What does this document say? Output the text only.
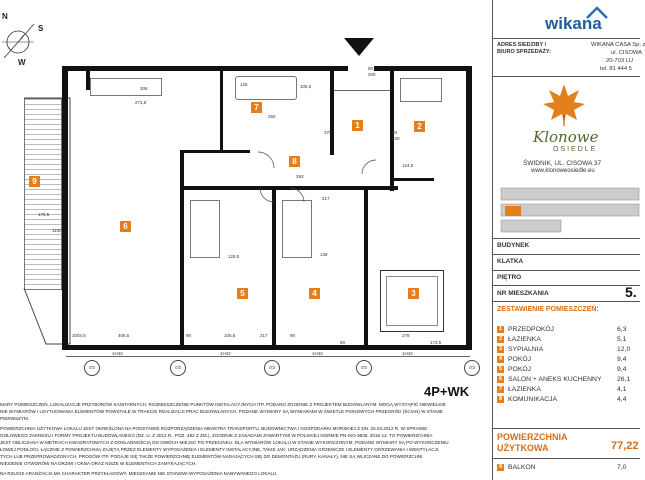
N
S
W
1	2
3
4
5
6
7
8
9
306
271,5
250
175,5
1100
393
105,5
125
217
375
90	105,5	90
217	278
405,5
1004,5
173,5
90
124,5
138
129,5
80
200
80
200
1H42	1H42	1H42	1H42
0'3	0'3	0'3	0'3	0'3
4P+WK
MARY POMIESZCZEŃ, LOKALIZACJE PRZYBORÓW SANITARNYCH, ROZMIESZCZENIE PUNKTÓW INSTALACYJNYCH ITP. PODANO ZGODNIE Z PROJEKTEM BUDOWLANYM. MOGĄ WYSTĄPIĆ NIEWIELKIE
NIE WYMIARÓW I USYTUOWANIA ELEMENTÓW POWSTAŁE W TRAKCIE REALIZACJI PRAC BUDOWLANYCH. PODANE WYMIARY SĄ WYMIARAMI W ŚWIETLE PIONOWYCH PRZEGRÓD (ŚCIAN) W STANIE
PIERWSZYM.
POWIERZCHNIA UŻYTKOWA LOKALU JEST OKREŚLONA NA PODSTAWIE ROZPORZĄDZENIA MINISTRA TRANSPORTU, BUDOWNICTWA I GOSPODARKI MORSKIEJ Z DN. 25.04.2012 R. W SPRAWIE
GÓŁOWEGO ZAKRESU I FORMY PROJEKTU BUDOWLANEGO (DZ. U. Z 2012 R., POZ. 462 Z ZM.), ZGODNIE Z ZASADAMI ZAWARTYMI W POLSKIEJ NORMIE PN-ISO 9836: 2015-12. TO POWIERZCHNIA
JEST OBLICZANA W METRACH KWADRATOWYCH Z DOKŁADNOŚCIĄ DO DWÓCH MIEJSC PO PRZECINKU. DLA WYMIARÓW LOKALU W STANIE WYKOŃCZONYM, PODANE WYMIARY SĄ PO WYKOŃCZENIU
ŁOWEJ PODŁOGI, ŁĄCZNIE Z POWIERZCHNIĄ ZAJĘTĄ PRZEZ ELEMENTY WYPOSAŻENIA I ELEMENTY INSTALACYJNE, TAKIE JAK: URZĄDZENIA GRZEWCZE I ELEMENTY OGRZEWANIA I WENTYLACJI,
TYCH LUB PRZEPROWADZONYCH, PROGÓW ITP. PODAJE SIĘ TAKŻE POWIERZCHNIĘ ELEMENTÓW NADAJĄCYCH SIĘ DO DEMONTAŻU (RURY, KANAŁY), NIE SĄ WLICZANE DO POWIERZCHNI
NIESIENIE OTWORÓW NA DRZWI I OKNA ORAZ NISZE W ELEMENTACH ZAMYKAJĄCYCH.
NA RZUCIE ARANŻACJA MA CHARAKTER PRZYKŁADOWY. MIESZKANIE NIE STANOWI WYPOSAŻENIA NABYWANEGO LOKALU.
wikana
ADRES SIEDZIBY /
BIURO SPRZEDAŻY:
WIKANA CASA Sp. z
ul. CISOWA
20-703 LU
tel. 81 444 5
Klonowe
OSIEDLE
ŚWIDNIK, UL. CISOWA 37
www.klonoweosiedle.eu
BUDYNEK
KLATKA
PIĘTRO
NR MIESZKANIA	5.
ZESTAWIENIE POMIESZCZEŃ:
1 PRZEDPOKÓJ	6,3
2 ŁAZIENKA	5,1
3 SYPIALNIA	12,0
4 POKÓJ	9,4
5 POKÓJ	9,4
6 SALON + ANEKS KUCHENNY 26,1
7 ŁAZIENKA	4,1
8 KOMUNIKACJA	4,4
POWIERZCHNIA
UŻYTKOWA	77,22
9 BALKON	7,0
